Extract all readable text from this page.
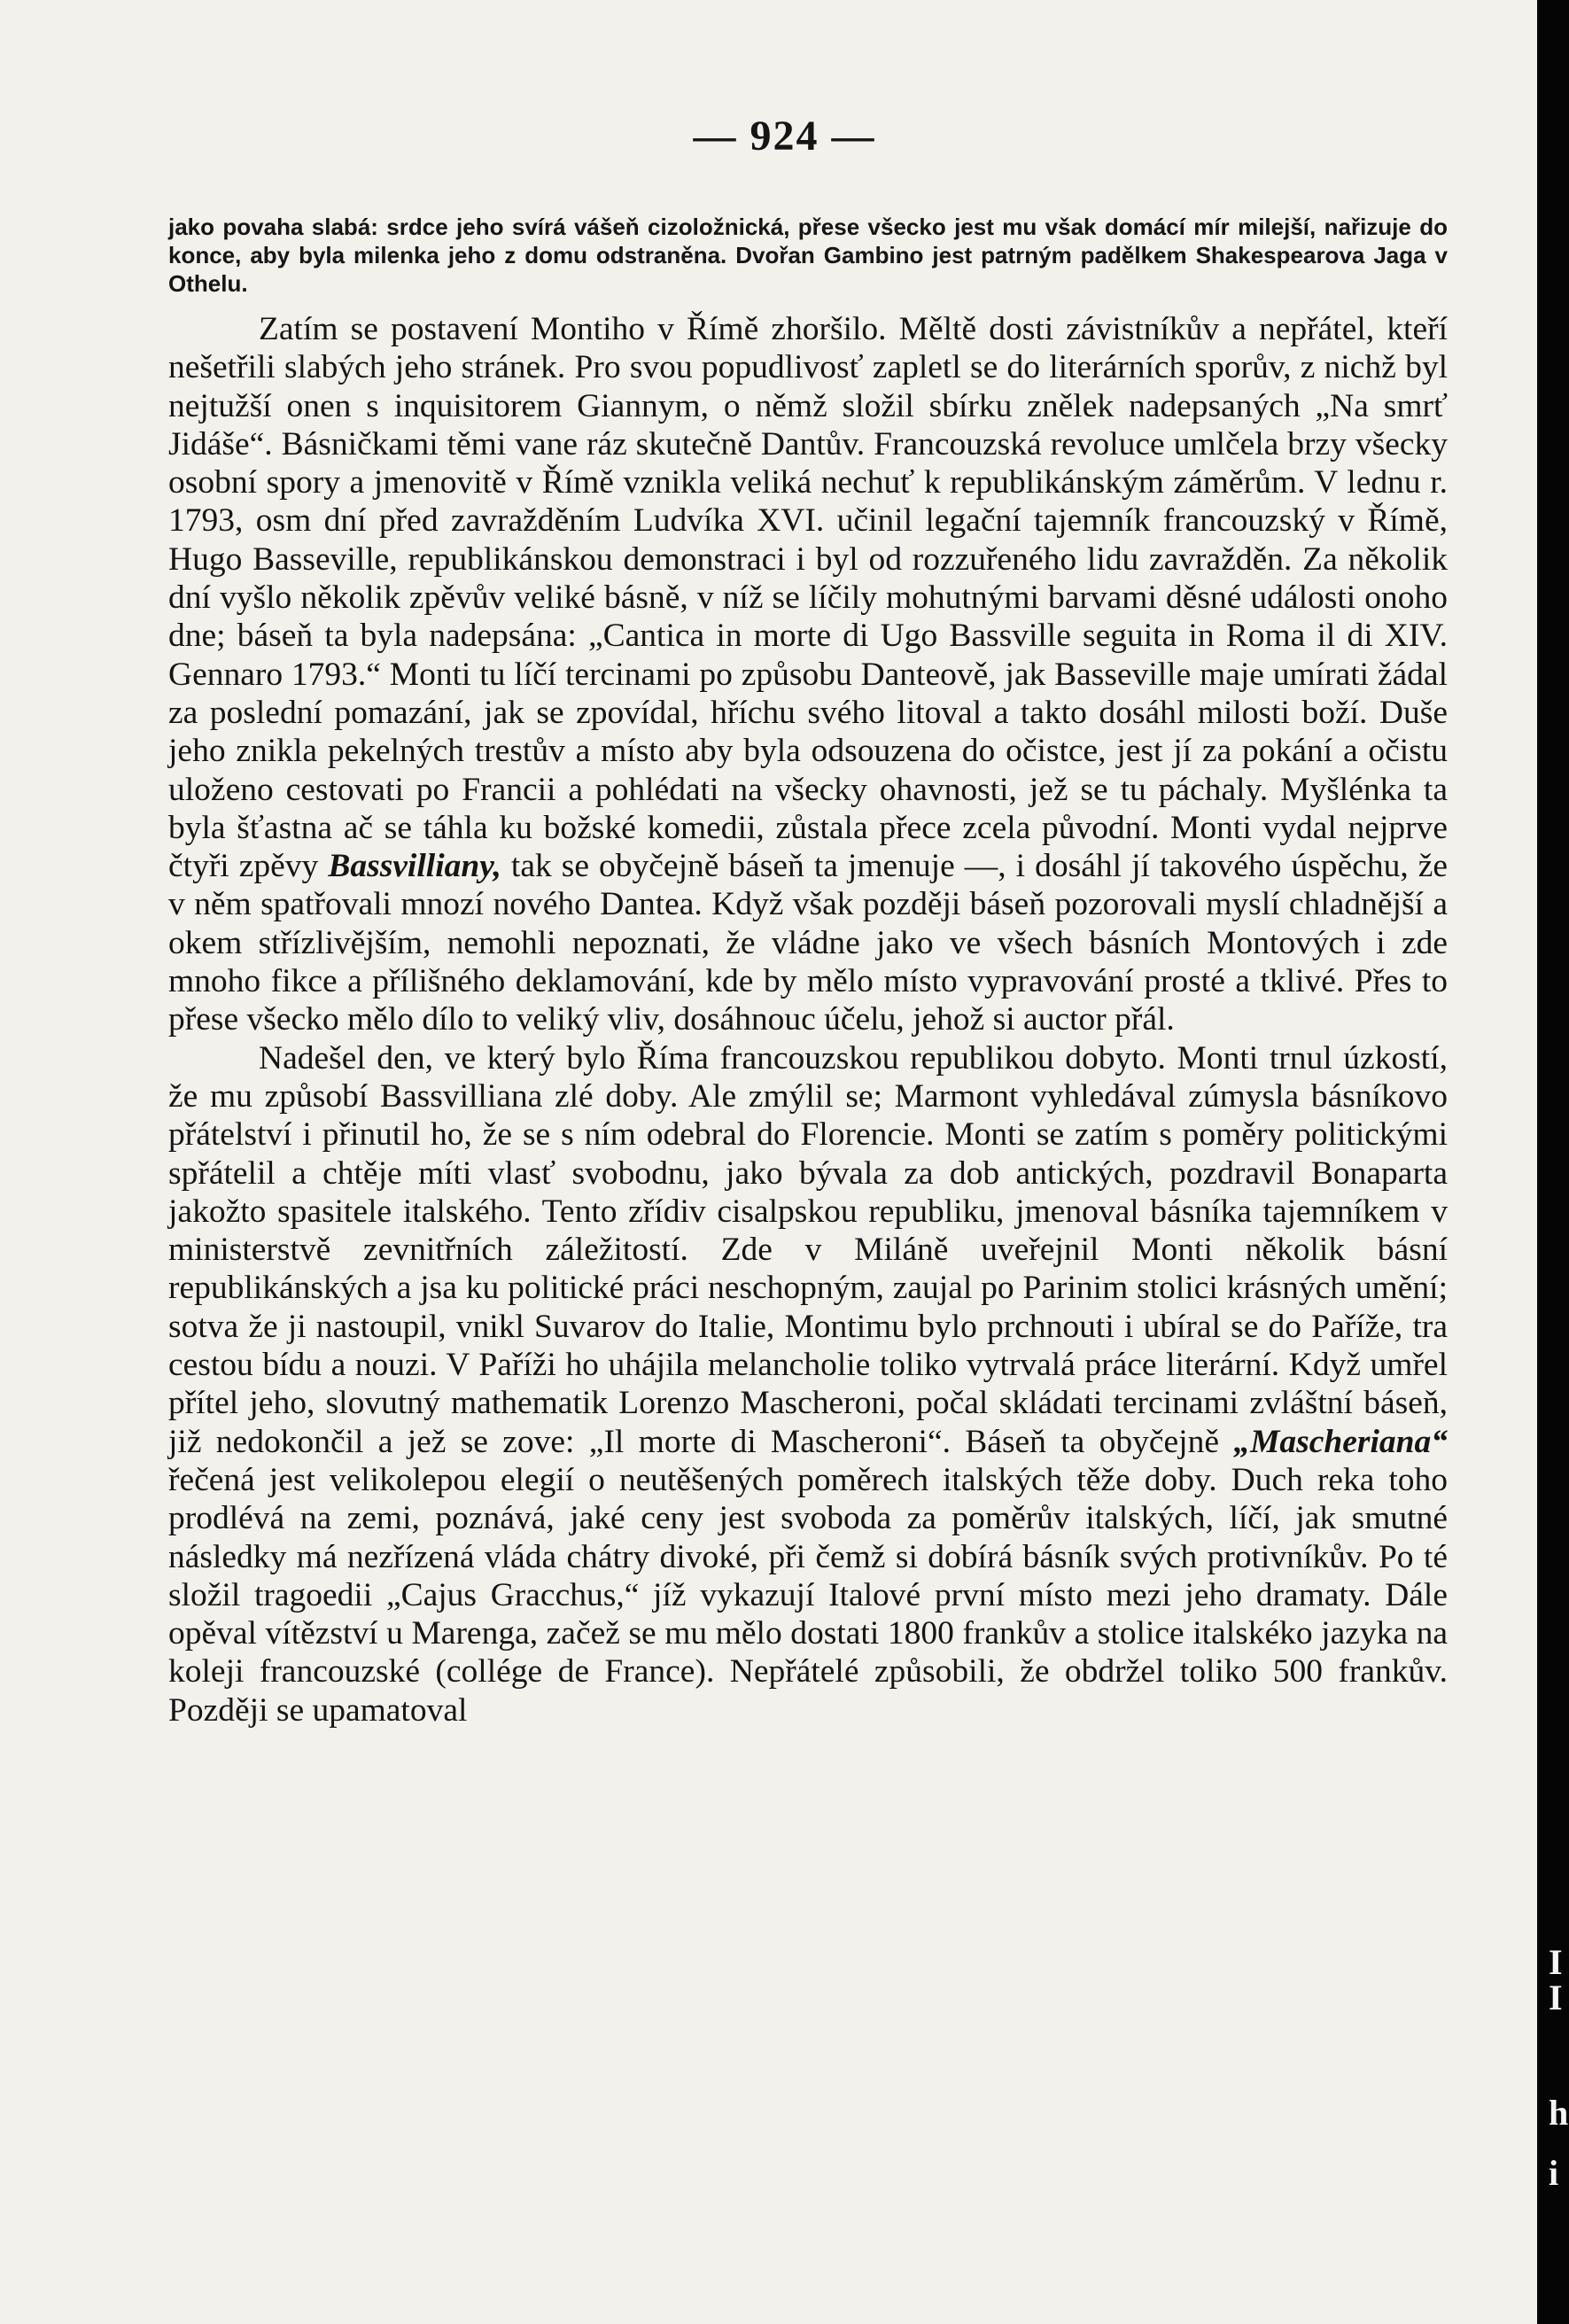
— 924 —
jako povaha slabá: srdce jeho svírá vášeň cizoložnická, přese všecko jest mu však domácí mír milejší, nařizuje do konce, aby byla milenka jeho z domu odstraněna. Dvořan Gambino jest patrným padělkem Shakespearova Jaga v Othelu.

Zatím se postavení Montiho v Římě zhoršilo. Měltě dosti závistníkův a nepřátel, kteří nešetřili slabých jeho stránek. Pro svou popudlivosť zapletl se do literárních sporův, z nichž byl nejtužší onen s inquisitorem Giannym, o němž složil sbírku znělek nadepsaných „Na smrť Jidáše“. Básničkami těmi vane ráz skutečně Dantův. Francouzská revoluce umlčela brzy všecky osobní spory a jmenovitě v Římě vznikla veliká nechuť k republikánským záměrům. V lednu r. 1793, osm dní před zavražděním Ludvíka XVI. učinil legační tajemník francouzský v Římě, Hugo Basseville, republikánskou demonstraci i byl od rozzuřeného lidu zavražděn. Za několik dní vyšlo několik zpěvův veliké básně, v níž se líčily mohutnými barvami děsné události onoho dne; báseň ta byla nadepsána: „Cantica in morte di Ugo Bassville seguita in Roma il di XIV. Gennaro 1793.“ Monti tu líčí tercinami po způsobu Danteově, jak Basseville maje umírati žádal za poslední pomazání, jak se zpovídal, hříchu svého litoval a takto dosáhl milosti boží. Duše jeho znikla pekelných trestův a místo aby byla odsouzena do očistce, jest jí za pokání a očistu uloženo cestovati po Francii a pohlédati na všecky ohavnosti, jež se tu páchaly. Myšlénka ta byla šťastna ač se táhla ku božské komedii, zůstala přece zcela původní. Monti vydal nejprve čtyři zpěvy Bassvilliany, tak se obyčejně báseň ta jmenuje —, i dosáhl jí takového úspěchu, že v něm spatřovali mnozí nového Dantea. Když však později báseň pozorovali myslí chladnější a okem střízlivějším, nemohli nepoznati, že vládne jako ve všech básních Montových i zde mnoho fikce a přílišného deklamování, kde by mělo místo vypravování prosté a tklivé. Přes to přese všecko mělo dílo to veliký vliv, dosáhnouc účelu, jehož si auctor přál.

Nadešel den, ve který bylo Říma francouzskou republikou dobyto. Monti trnul úzkostí, že mu způsobí Bassvilliana zlé doby. Ale zmýlil se; Marmont vyhledával zúmysla básníkovo přátelství i přinutil ho, že se s ním odebral do Florencie. Monti se zatím s poměry politickými spřátelil a chtěje míti vlasť svobodnu, jako bývala za dob antických, pozdravil Bonaparta jakožto spasitele italského. Tento zřídiv cisalpskou republiku, jmenoval básníka tajemníkem v ministerstvě zevnitřních záležitostí. Zde v Miláně uveřejnil Monti několik básní republikánských a jsa ku politické práci neschopným, zaujal po Parinim stolici krásných umění; sotva že ji nastoupil, vnikl Suvarov do Italie, Montimu bylo prchnouti i ubíral se do Paříže, tra cestou bídu a nouzi. V Paříži ho uhájila melancholie toliko vytrvalá práce literární. Když umřel přítel jeho, slovutný mathematik Lorenzo Mascheroni, počal skládati tercinami zvláštní báseň, již nedokončil a jež se zove: „Il morte di Mascheroni“. Báseň ta obyčejně „Mascheriana“ řečená jest velikolepou elegií o neutěšených poměrech italských těže doby. Duch reka toho prodlévá na zemi, poznává, jaké ceny jest svoboda za poměrův italských, líčí, jak smutné následky má nezřízená vláda chátry divoké, při čemž si dobírá básník svých protivníkův. Po té složil tragoedii „Cajus Gracchus,“ jíž vykazují Italové první místo mezi jeho dramaty. Dále opěval vítězství u Marenga, začež se mu mělo dostati 1800 frankův a stolice italskéko jazyka na koleji francouzské (collége de France). Nepřátelé způsobili, že obdržel toliko 500 frankův. Později se upamatoval

I
I
h
i
